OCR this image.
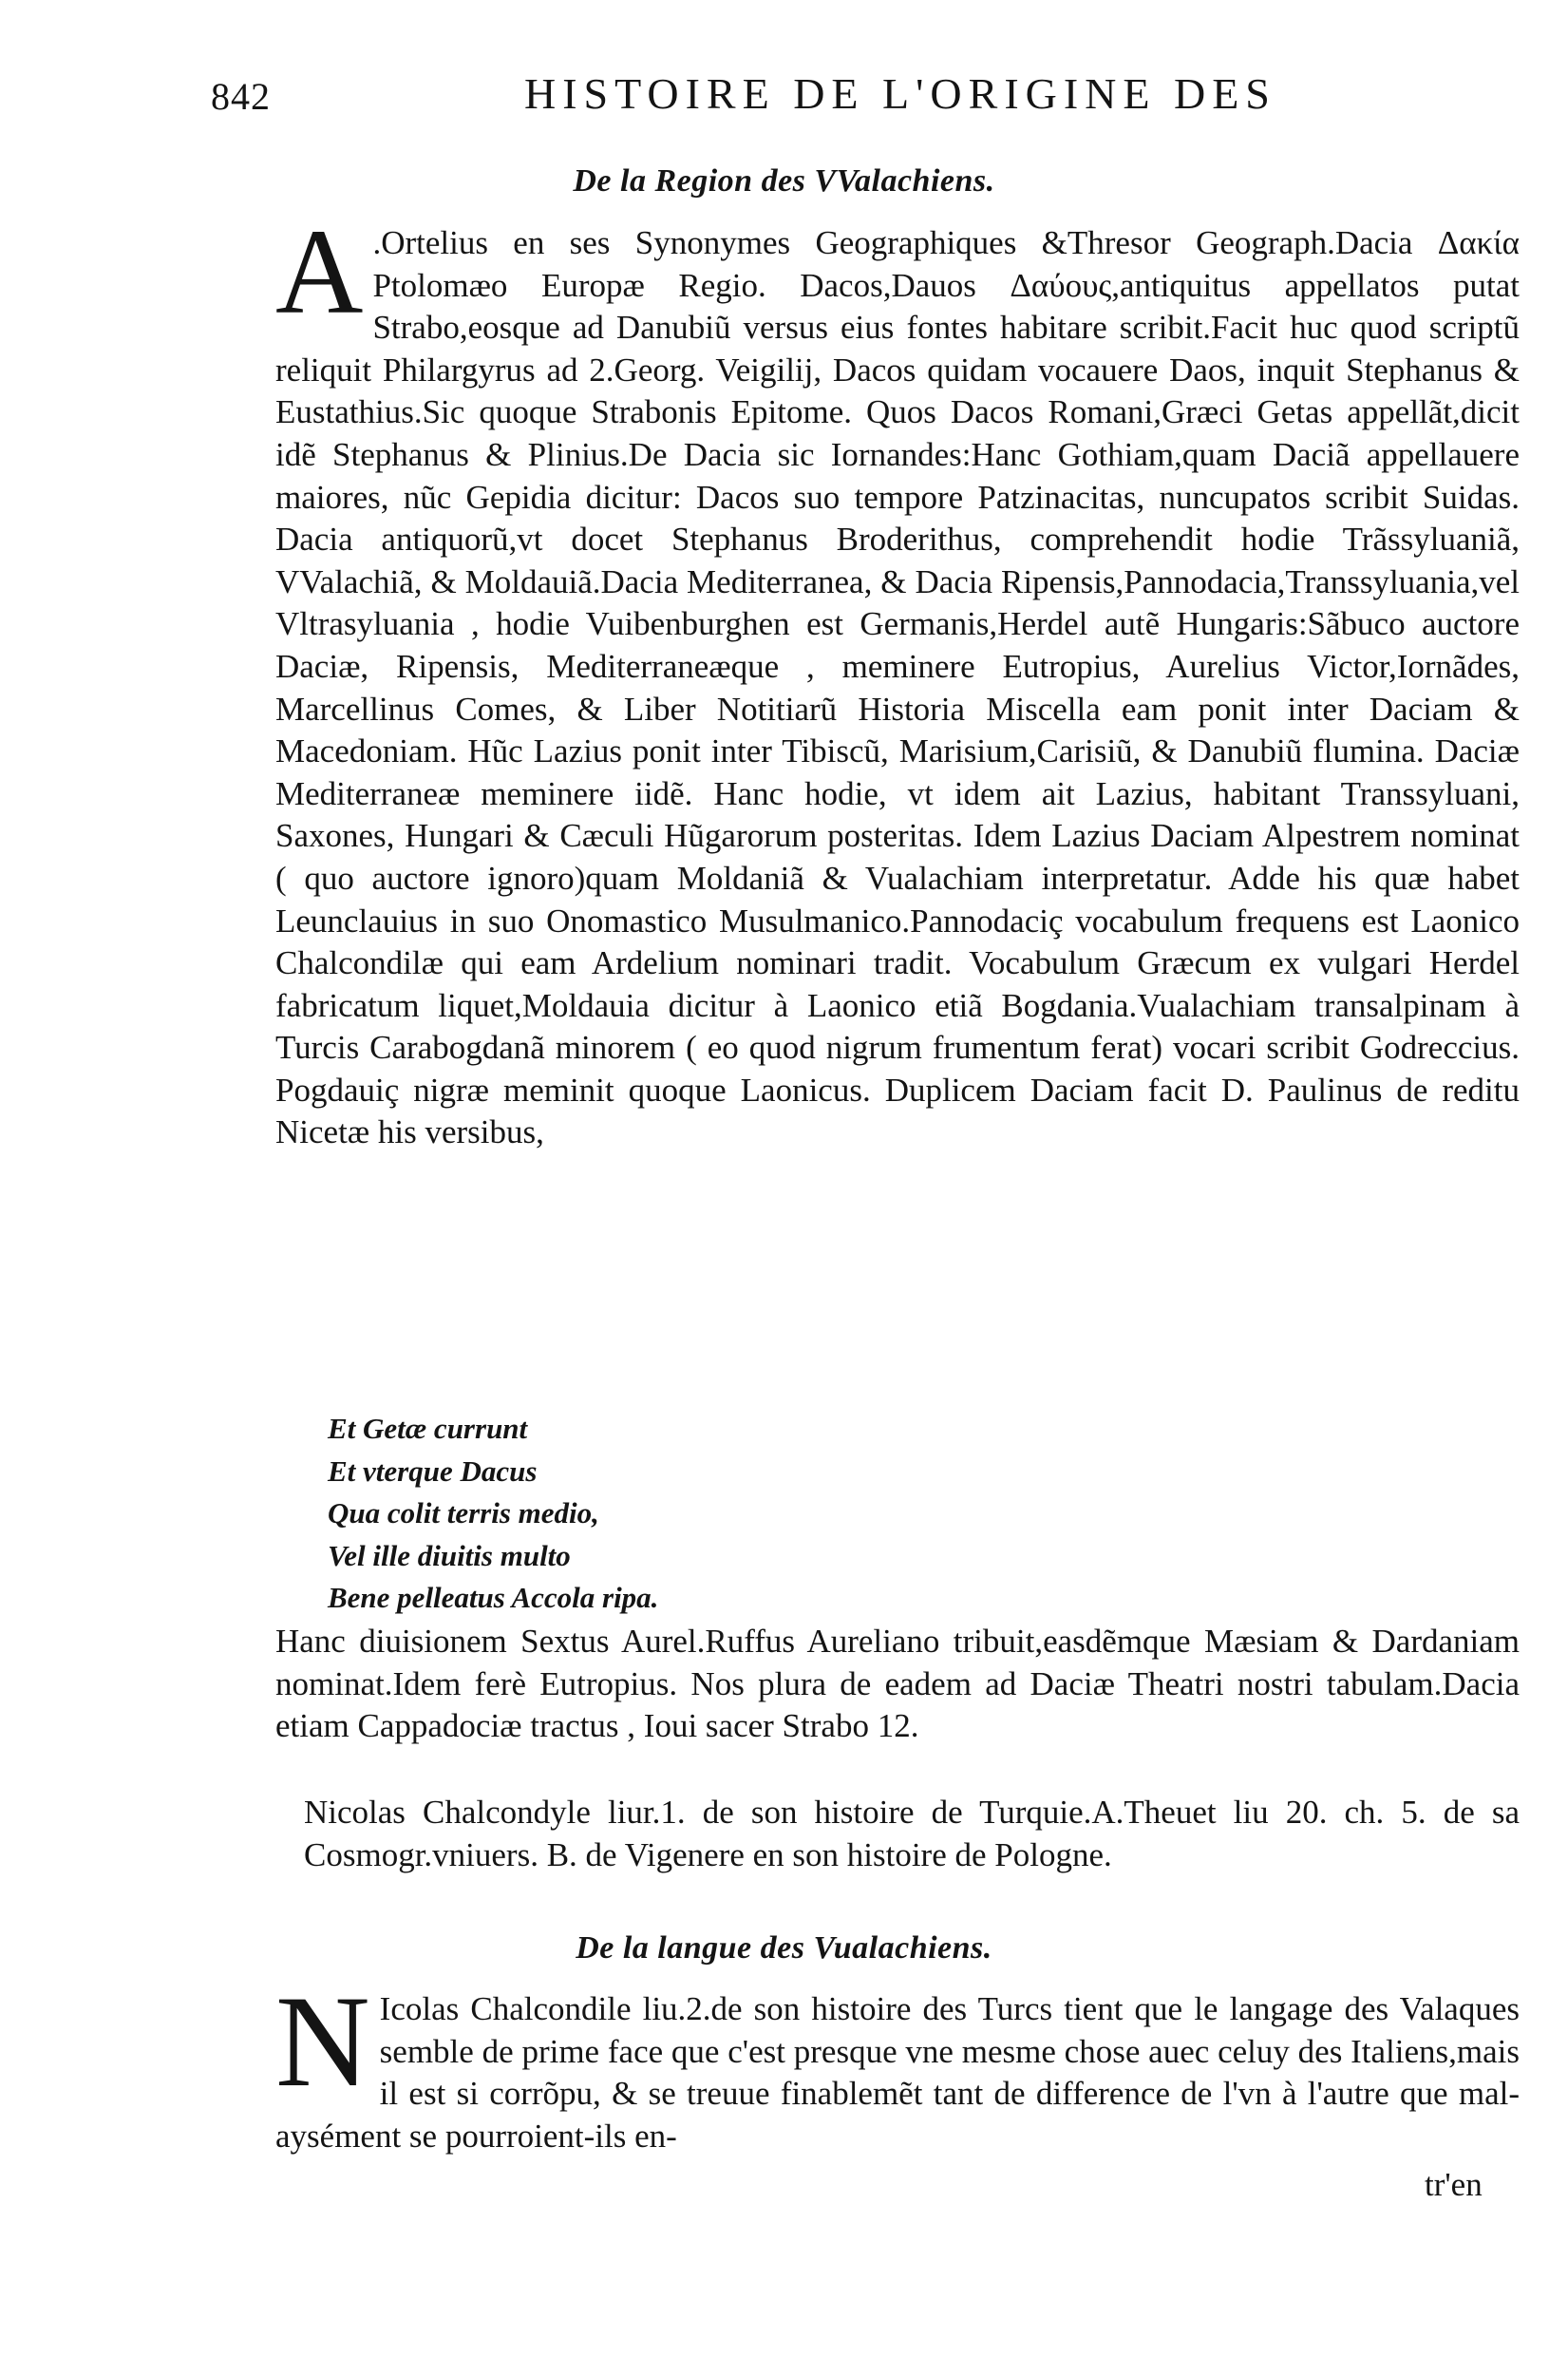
842	HISTOIRE DE L'ORIGINE DES
De la Region des VValachiens.
A .Ortelius en ses Synonymes Geographiques &Thresor Geograph.Dacia Δακία Ptolomæo Europæ Regio. Dacos,Dauos Δαύους,antiquitus appellatos putat Strabo,eosque ad Danubiũ versus eius fontes habitare scribit.Facit huc quod scriptũ reliquit Philargyrus ad 2.Georg. Veigilij, Dacos quidam vocauere Daos, inquit Stephanus & Eustathius.Sic quoque Strabonis Epitome. Quos Dacos Romani,Græci Getas appellãt,dicit idẽ Stephanus & Plinius.De Dacia sic Iornandes:Hanc Gothiam,quam Daciã appellauere maiores, nũc Gepidia dicitur: Dacos suo tempore Patzinacitas, nuncupatos scribit Suidas. Dacia antiquorũ,vt docet Stephanus Broderithus, comprehendit hodie Trãssyluaniã, VValachiã, & Moldauiã.Dacia Mediterranea, & Dacia Ripensis,Pannodacia,Transsyluania,vel Vltrasyluania , hodie Vuibenburghen est Germanis,Herdel autẽ Hungaris:Sãbuco auctore Daciæ, Ripensis, Mediterraneæque , meminere Eutropius, Aurelius Victor,Iornãdes, Marcellinus Comes, & Liber Notitiarũ Historia Miscella eam ponit inter Daciam & Macedoniam. Hũc Lazius ponit inter Tibiscũ, Marisium,Carisiũ, & Danubiũ flumina. Daciæ Mediterraneæ meminere iidẽ. Hanc hodie, vt idem ait Lazius, habitant Transsyluani, Saxones, Hungari & Cæculi Hũgarorum posteritas. Idem Lazius Daciam Alpestrem nominat ( quo auctore ignoro)quam Moldaniã & Vualachiam interpretatur. Adde his quæ habet Leunclauius in suo Onomastico Musulmanico.Pannodaciç vocabulum frequens est Laonico Chalcondilæ qui eam Ardelium nominari tradit. Vocabulum Græcum ex vulgari Herdel fabricatum liquet,Moldauia dicitur à Laonico etiã Bogdania.Vualachiam transalpinam à Turcis Carabogdanã minorem ( eo quod nigrum frumentum ferat) vocari scribit Godreccius. Pogdauiç nigræ meminit quoque Laonicus. Duplicem Daciam facit D. Paulinus de reditu Nicetæ his versibus,
Et Getæ currunt
Et vterque Dacus
Qua colit terris medio,
Vel ille diuitis multo
Bene pelleatus Accola ripa.
Hanc diuisionem Sextus Aurel.Ruffus Aureliano tribuit,easdẽmque Mæsiam & Dardaniam nominat.Idem ferè Eutropius. Nos plura de eadem ad Daciæ Theatri nostri tabulam.Dacia etiam Cappadociæ tractus , Ioui sacer Strabo 12.
Nicolas Chalcondyle liur.1. de son histoire de Turquie.A.Theuet liu 20. ch. 5. de sa Cosmogr.vniuers. B. de Vigenere en son histoire de Pologne.
De la langue des Vualachiens.
N Icolas Chalcondile liu.2.de son histoire des Turcs tient que le langage des Valaques semble de prime face que c'est presque vne mesme chose auec celuy des Italiens,mais il est si corrõpu, & se treuue finablemẽt tant de difference de l'vn à l'autre que mal-aysément se pourroient-ils en-
tr'en
